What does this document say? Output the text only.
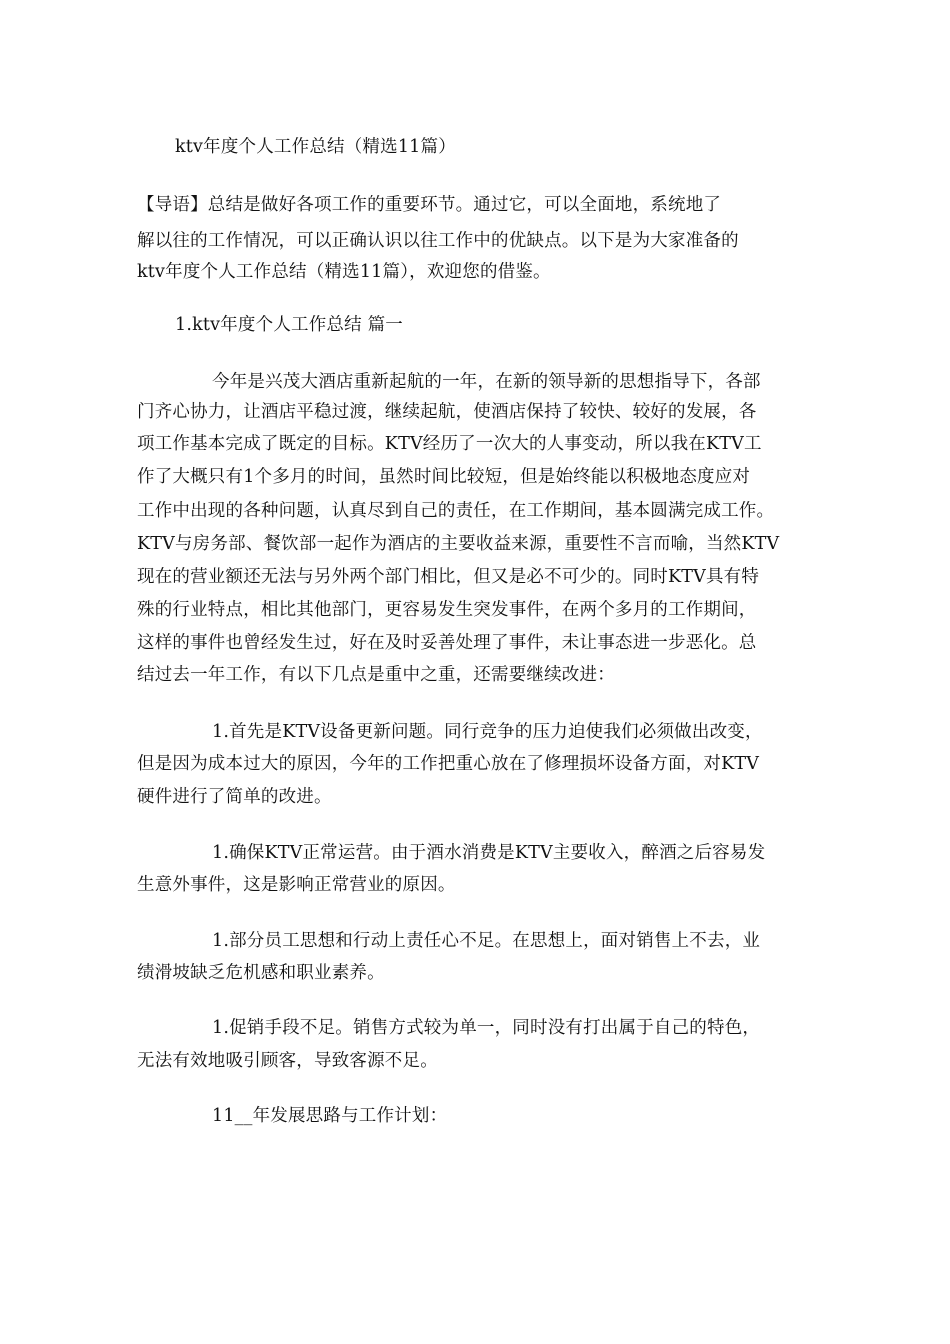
ktv年度个人工作总结（精选11篇）
【导语】总结是做好各项工作的重要环节。通过它，可以全面地，系统地了
解以往的工作情况，可以正确认识以往工作中的优缺点。以下是为大家准备的
ktv年度个人工作总结（精选11篇），欢迎您的借鉴。
1.ktv年度个人工作总结 篇一
今年是兴茂大酒店重新起航的一年，在新的领导新的思想指导下，各部
门齐心协力，让酒店平稳过渡，继续起航，使酒店保持了较快、较好的发展，各
项工作基本完成了既定的目标。KTV经历了一次大的人事变动，所以我在KTV工
作了大概只有1个多月的时间，虽然时间比较短，但是始终能以积极地态度应对
工作中出现的各种问题，认真尽到自己的责任，在工作期间，基本圆满完成工作。
KTV与房务部、餐饮部一起作为酒店的主要收益来源，重要性不言而喻，当然KTV
现在的营业额还无法与另外两个部门相比，但又是必不可少的。同时KTV具有特
殊的行业特点，相比其他部门，更容易发生突发事件，在两个多月的工作期间，
这样的事件也曾经发生过，好在及时妥善处理了事件，未让事态进一步恶化。总
结过去一年工作，有以下几点是重中之重，还需要继续改进：
1.首先是KTV设备更新问题。同行竞争的压力迫使我们必须做出改变，
但是因为成本过大的原因，今年的工作把重心放在了修理损坏设备方面，对KTV
硬件进行了简单的改进。
1.确保KTV正常运营。由于酒水消费是KTV主要收入，醉酒之后容易发
生意外事件，这是影响正常营业的原因。
1.部分员工思想和行动上责任心不足。在思想上，面对销售上不去，业
绩滑坡缺乏危机感和职业素养。
1.促销手段不足。销售方式较为单一，同时没有打出属于自己的特色，
无法有效地吸引顾客，导致客源不足。
11__年发展思路与工作计划：
